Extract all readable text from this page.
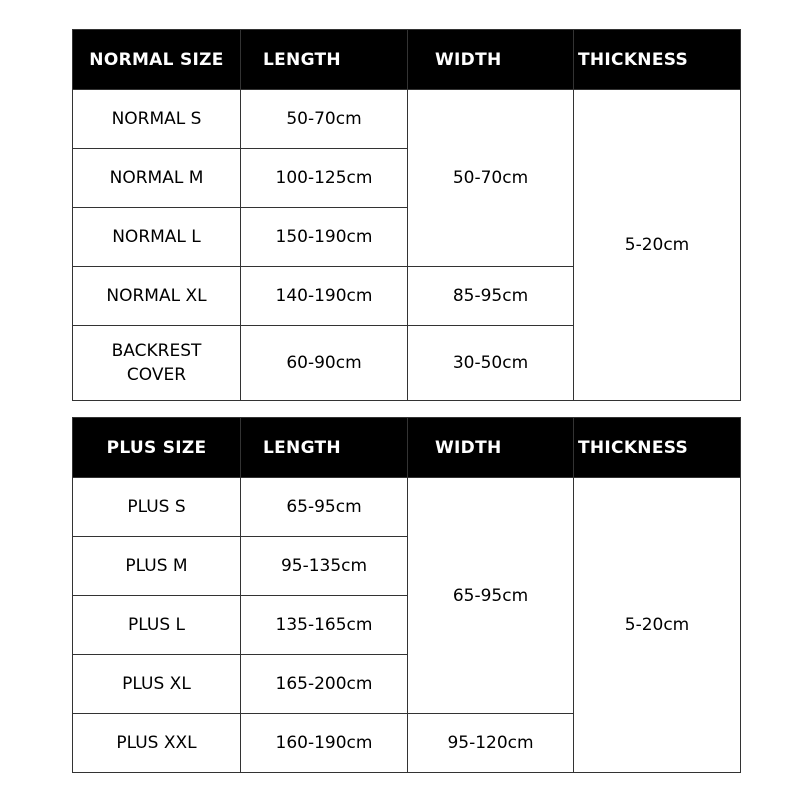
NORMAL SIZE	LENGTH	WIDTH	THICKNESS
NORMAL S	50-70cm	50-70cm	5-20cm
NORMAL M	100-125cm		
NORMAL L	150-190cm		
NORMAL XL	140-190cm	85-95cm	
BACKREST
COVER	60-90cm	30-50cm	
PLUS SIZE	LENGTH	WIDTH	THICKNESS
PLUS S	65-95cm	65-95cm	5-20cm
PLUS M	95-135cm		
PLUS L	135-165cm		
PLUS XL	165-200cm		
PLUS XXL	160-190cm	95-120cm	
